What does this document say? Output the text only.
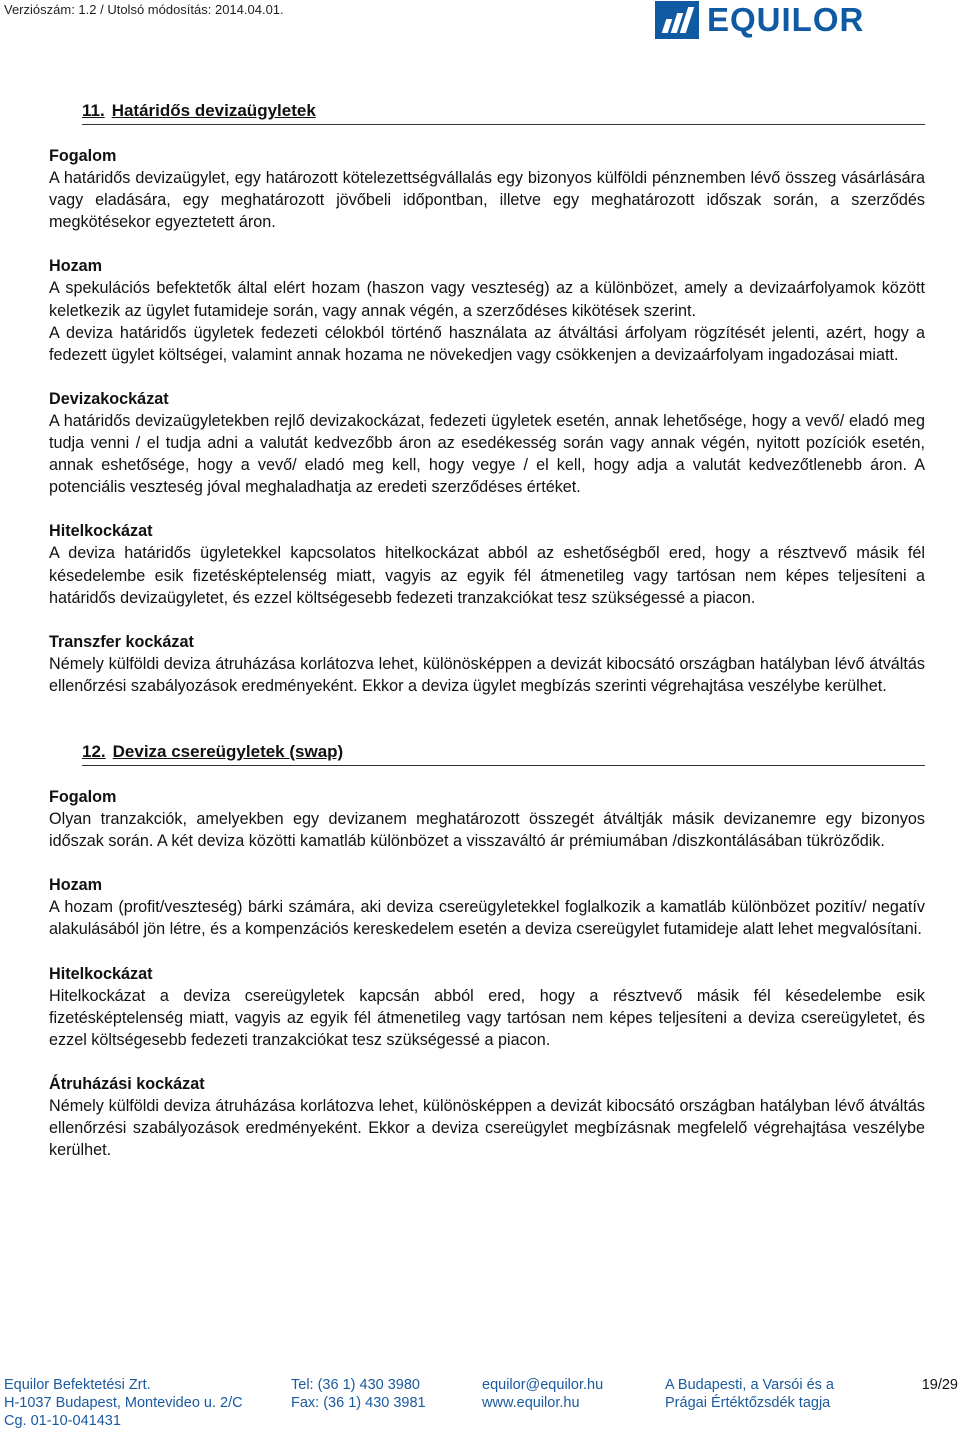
Verziószám: 1.2 / Utolsó módosítás: 2014.04.01.	EQUILOR
11. Határidős devizaügyletek

Fogalom

A határidős devizaügylet, egy határozott kötelezettségvállalás egy bizonyos külföldi pénznemben lévő összeg vásárlására vagy eladására, egy meghatározott jövőbeli időpontban, illetve egy meghatározott időszak során, a szerződés megkötésekor egyeztetett áron.

Hozam

A spekulációs befektetők által elért hozam (haszon vagy veszteség) az a különbözet, amely a devizaárfolyamok között keletkezik az ügylet futamideje során, vagy annak végén, a szerződéses kikötések szerint.

A deviza határidős ügyletek fedezeti célokból történő használata az átváltási árfolyam rögzítését jelenti, azért, hogy a fedezett ügylet költségei, valamint annak hozama ne növekedjen vagy csökkenjen a devizaárfolyam ingadozásai miatt.

Devizakockázat

A határidős devizaügyletekben rejlő devizakockázat, fedezeti ügyletek esetén, annak lehetősége, hogy a vevő/ eladó meg tudja venni / el tudja adni a valutát kedvezőbb áron az esedékesség során vagy annak végén, nyitott pozíciók esetén, annak eshetősége, hogy a vevő/ eladó meg kell, hogy vegye / el kell, hogy adja a valutát kedvezőtlenebb áron. A potenciális veszteség jóval meghaladhatja az eredeti szerződéses értéket.

Hitelkockázat

A deviza határidős ügyletekkel kapcsolatos hitelkockázat abból az eshetőségből ered, hogy a résztvevő másik fél késedelembe esik fizetésképtelenség miatt, vagyis az egyik fél átmenetileg vagy tartósan nem képes teljesíteni a határidős devizaügyletet, és ezzel költségesebb fedezeti tranzakciókat tesz szükségessé a piacon.

Transzfer kockázat

Némely külföldi deviza átruházása korlátozva lehet, különösképpen a devizát kibocsátó országban hatályban lévő átváltás ellenőrzési szabályozások eredményeként. Ekkor a deviza ügylet megbízás szerinti végrehajtása veszélybe kerülhet.

12. Deviza csereügyletek (swap)

Fogalom

Olyan tranzakciók, amelyekben egy devizanem meghatározott összegét átváltják másik devizanemre egy bizonyos időszak során. A két deviza közötti kamatláb különbözet a visszaváltó ár prémiumában /diszkontálásában tükröződik.

Hozam

A hozam (profit/veszteség) bárki számára, aki deviza csereügyletekkel foglalkozik a kamatláb különbözet pozitív/ negatív alakulásából jön létre, és a kompenzációs kereskedelem esetén a deviza csereügylet futamideje alatt lehet megvalósítani.

Hitelkockázat

Hitelkockázat a deviza csereügyletek kapcsán abból ered, hogy a résztvevő másik fél késedelembe esik fizetésképtelenség miatt, vagyis az egyik fél átmenetileg vagy tartósan nem képes teljesíteni a deviza csereügyletet, és ezzel költségesebb fedezeti tranzakciókat tesz szükségessé a piacon.

Átruházási kockázat

Némely külföldi deviza átruházása korlátozva lehet, különösképpen a devizát kibocsátó országban hatályban lévő átváltás ellenőrzési szabályozások eredményeként. Ekkor a deviza csereügylet megbízásnak megfelelő végrehajtása veszélybe kerülhet.

Equilor Befektetési Zrt.
H-1037 Budapest, Montevideo u. 2/C
Cg. 01-10-041431
Tel: (36 1) 430 3980
Fax: (36 1) 430 3981
equilor@equilor.hu
www.equilor.hu
A Budapesti, a Varsói és a
Prágai Értéktőzsdék tagja
19/29
